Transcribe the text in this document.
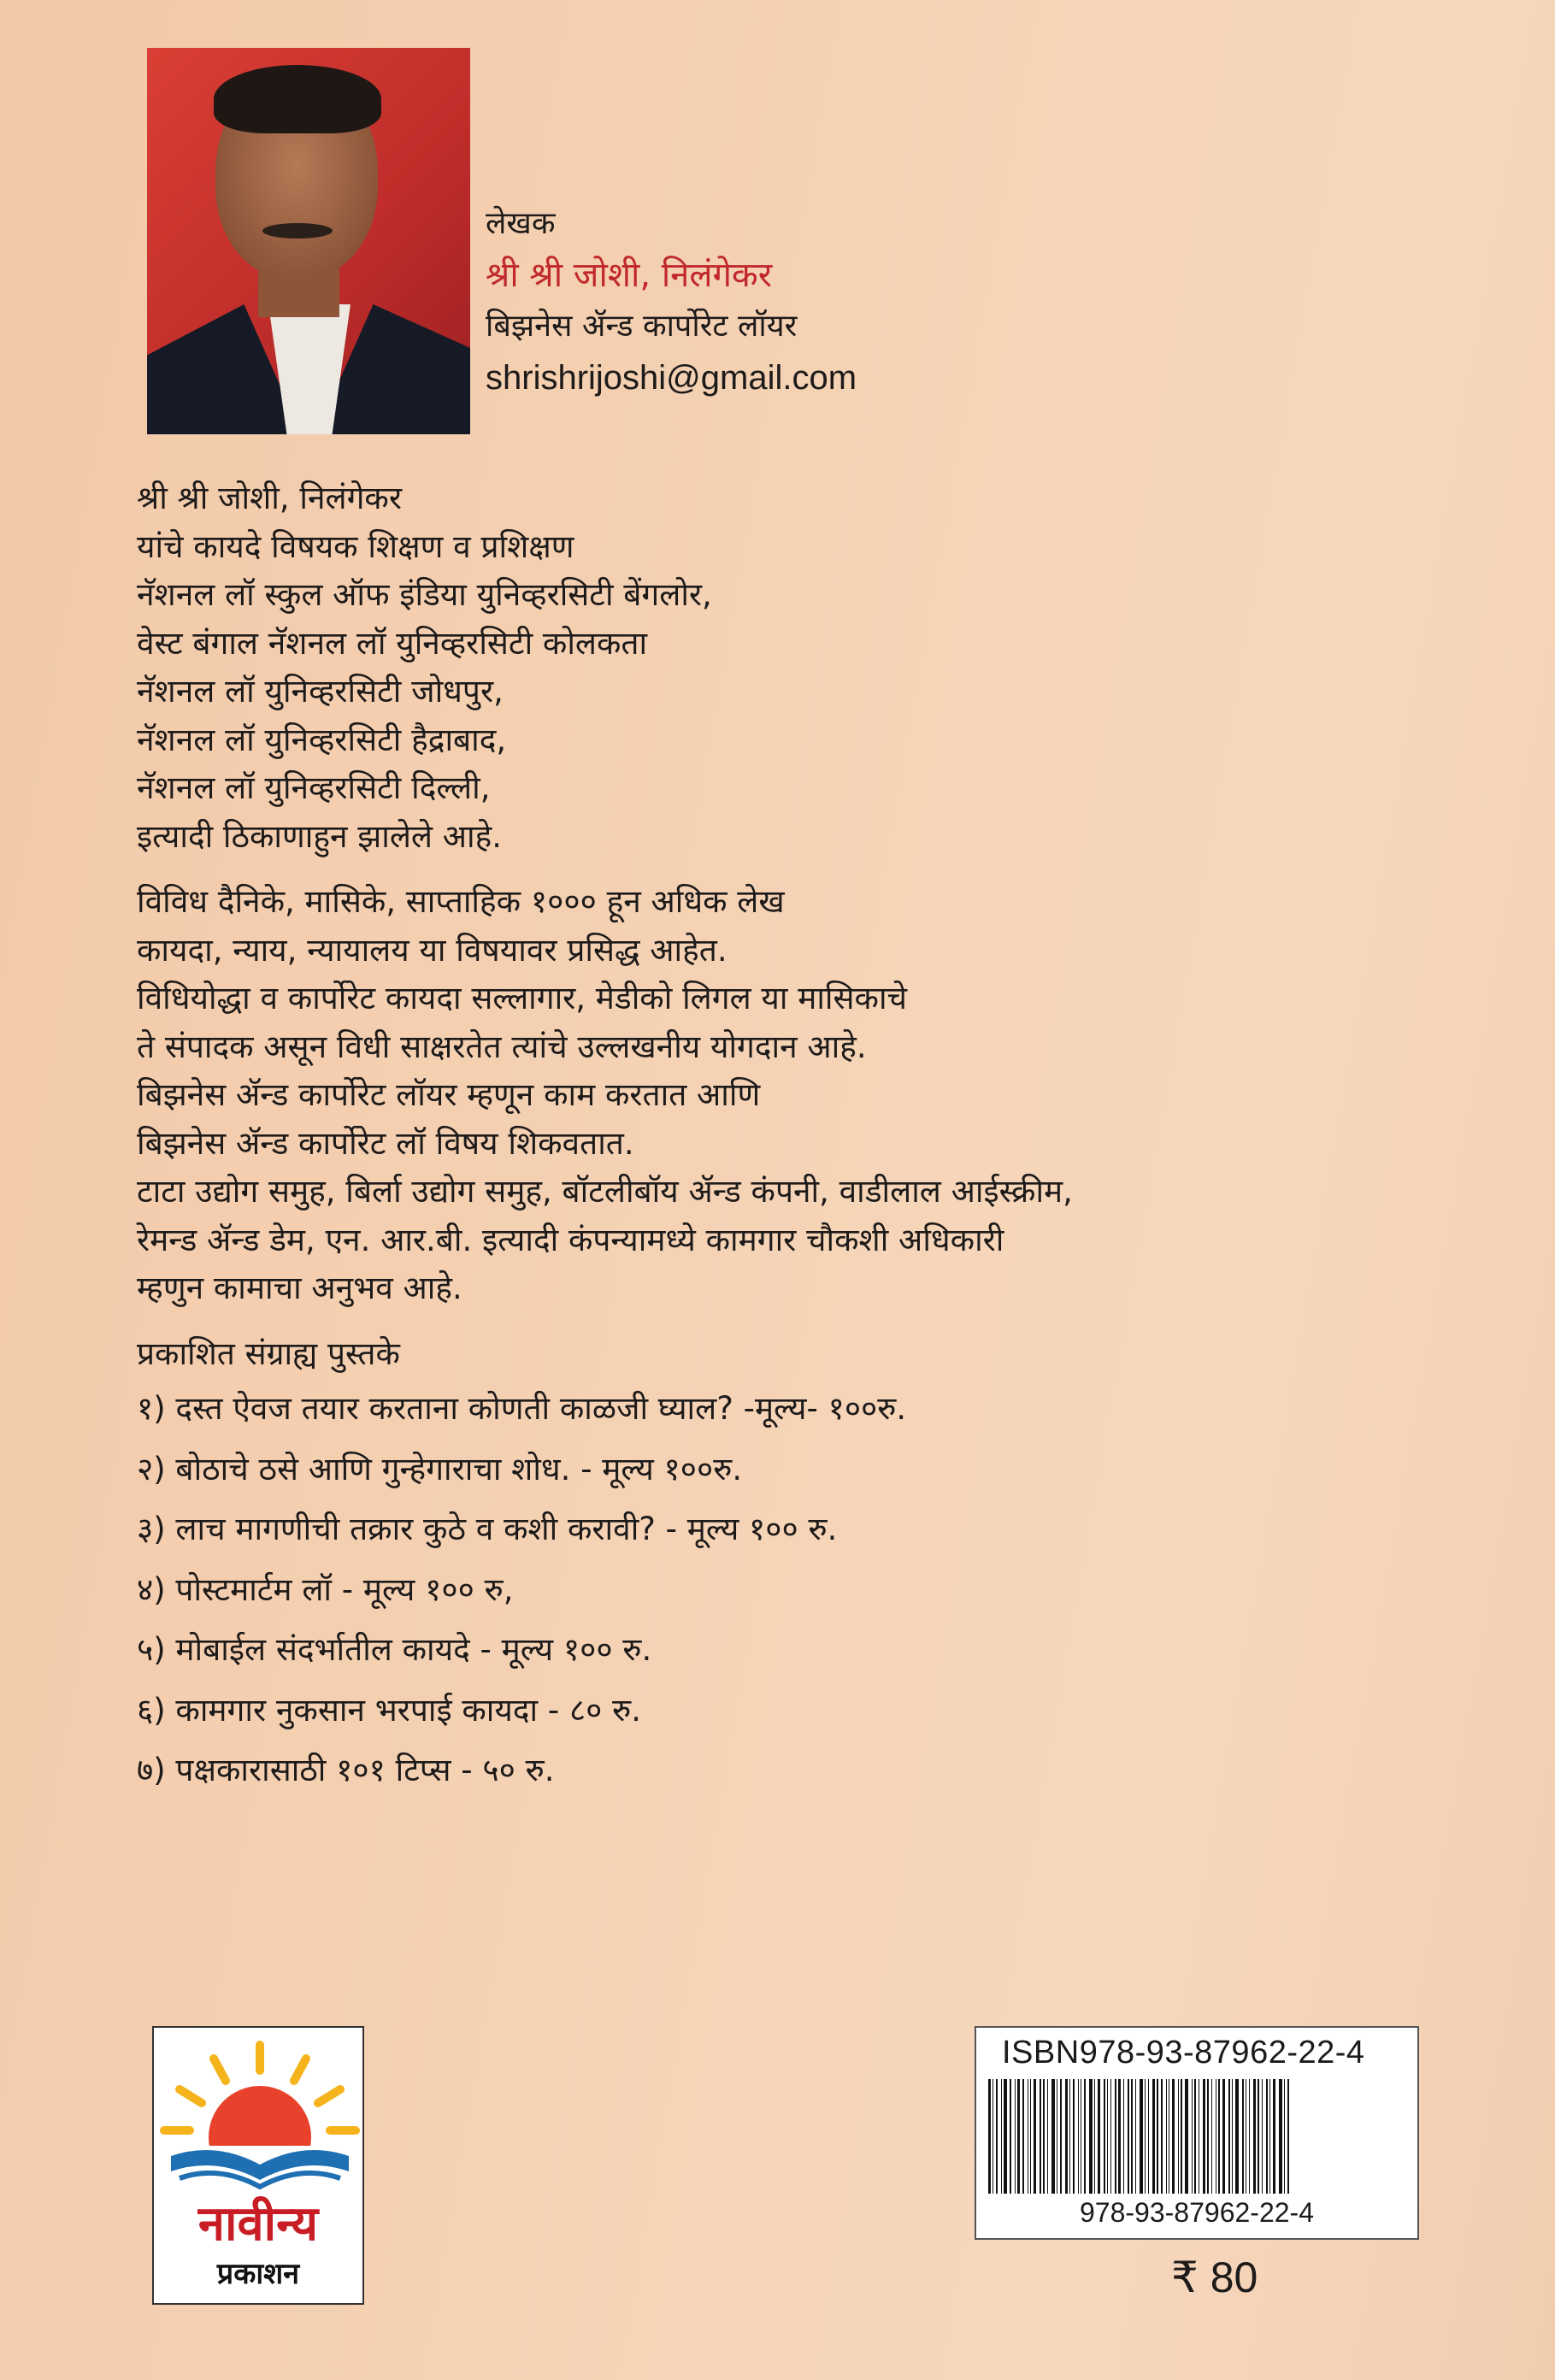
लेखक
श्री श्री जोशी, निलंगेकर
बिझनेस ॲन्ड कार्पोरेट लॉयर
shrishrijoshi@gmail.com

श्री श्री जोशी, निलंगेकर

यांचे कायदे विषयक शिक्षण व प्रशिक्षण

नॅशनल लॉ स्कुल ऑफ इंडिया युनिव्हरसिटी बेंगलोर,

वेस्ट बंगाल नॅशनल लॉ युनिव्हरसिटी कोलकता

नॅशनल लॉ युनिव्हरसिटी जोधपुर,

नॅशनल लॉ युनिव्हरसिटी हैद्राबाद,

नॅशनल लॉ युनिव्हरसिटी दिल्ली,

इत्यादी ठिकाणाहुन झालेले आहे.

विविध दैनिके, मासिके, साप्ताहिक १००० हून अधिक लेख

कायदा, न्याय, न्यायालय या विषयावर प्रसिद्ध आहेत.

विधियोद्धा व कार्पोरेट कायदा सल्लागार, मेडीको लिगल या मासिकाचे

ते संपादक असून विधी साक्षरतेत त्यांचे उल्लखनीय योगदान आहे.

बिझनेस ॲन्ड कार्पोरेट लॉयर म्हणून काम करतात आणि

बिझनेस ॲन्ड कार्पोरेट लॉ विषय शिकवतात.

टाटा उद्योग समुह, बिर्ला उद्योग समुह, बॉटलीबॉय ॲन्ड कंपनी, वाडीलाल आईस्क्रीम,

रेमन्ड ॲन्ड डेम, एन. आर.बी. इत्यादी कंपन्यामध्ये कामगार चौकशी अधिकारी

म्हणुन कामाचा अनुभव आहे.

प्रकाशित संग्राह्य पुस्तके

१) दस्त ऐवज तयार करताना कोणती काळजी घ्याल? -मूल्य- १००रु.

२) बोठाचे ठसे आणि गुन्हेगाराचा शोध. - मूल्य १००रु.

३) लाच मागणीची तक्रार कुठे व कशी करावी? - मूल्य १०० रु.

४) पोस्टमार्टम लॉ - मूल्य १०० रु,

५) मोबाईल संदर्भातील कायदे - मूल्य १०० रु.

६) कामगार नुकसान भरपाई कायदा - ८० रु.

७) पक्षकारासाठी १०१ टिप्स - ५० रु.

नावीन्य
प्रकाशन
ISBN978-93-87962-22-4
978-93-87962-22-4
₹ 80
